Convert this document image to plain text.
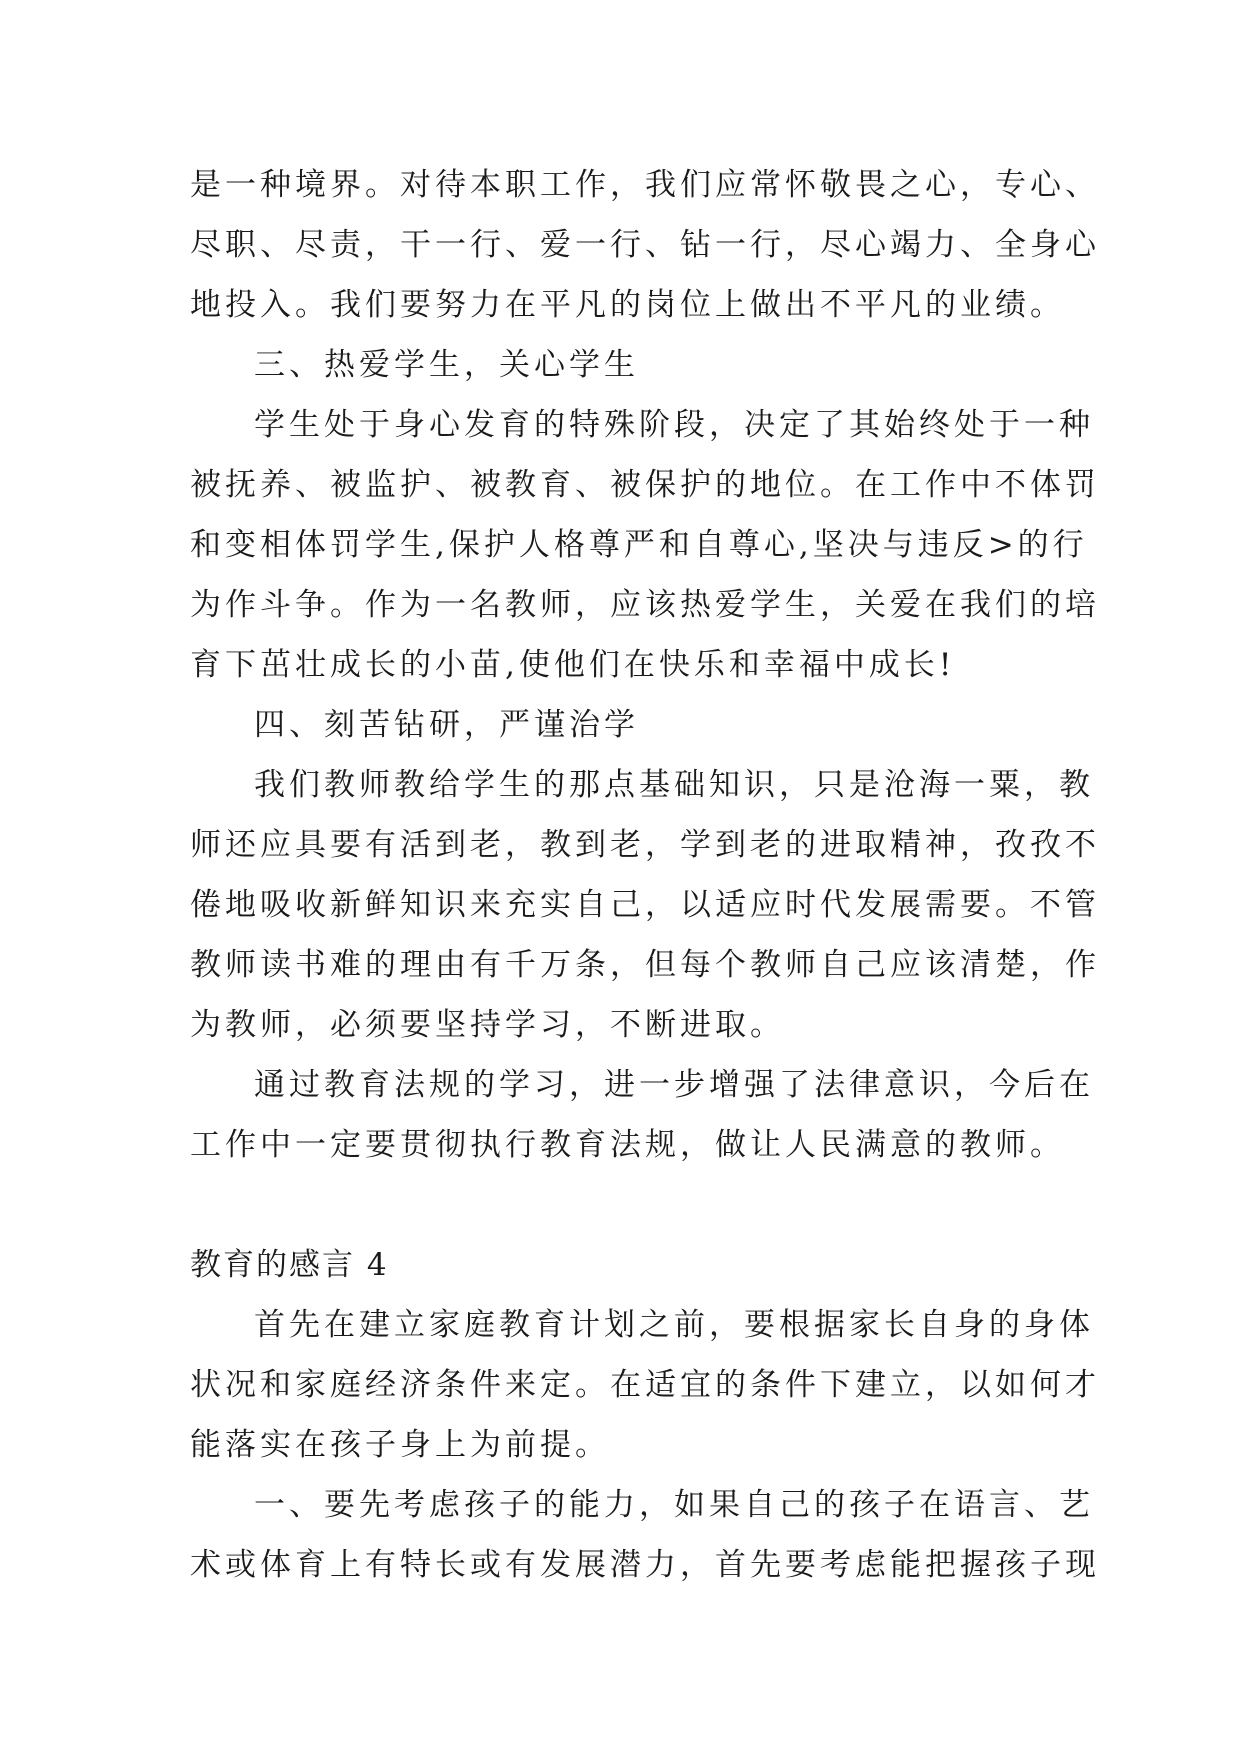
是一种境界。对待本职工作，我们应常怀敬畏之心，专心、
尽职、尽责，干一行、爱一行、钻一行，尽心竭力、全身心
地投入。我们要努力在平凡的岗位上做出不平凡的业绩。
三、热爱学生，关心学生
学生处于身心发育的特殊阶段，决定了其始终处于一种
被抚养、被监护、被教育、被保护的地位。在工作中不体罚
和变相体罚学生,保护人格尊严和自尊心,坚决与违反>的行
为作斗争。作为一名教师，应该热爱学生，关爱在我们的培
育下茁壮成长的小苗,使他们在快乐和幸福中成长!
四、刻苦钻研，严谨治学
我们教师教给学生的那点基础知识，只是沧海一粟，教
师还应具要有活到老，教到老，学到老的进取精神，孜孜不
倦地吸收新鲜知识来充实自己，以适应时代发展需要。不管
教师读书难的理由有千万条，但每个教师自己应该清楚，作
为教师，必须要坚持学习，不断进取。
通过教育法规的学习，进一步增强了法律意识，今后在
工作中一定要贯彻执行教育法规，做让人民满意的教师。
教育的感言 4
首先在建立家庭教育计划之前，要根据家长自身的身体
状况和家庭经济条件来定。在适宜的条件下建立，以如何才
能落实在孩子身上为前提。
一、要先考虑孩子的能力，如果自己的孩子在语言、艺
术或体育上有特长或有发展潜力，首先要考虑能把握孩子现
